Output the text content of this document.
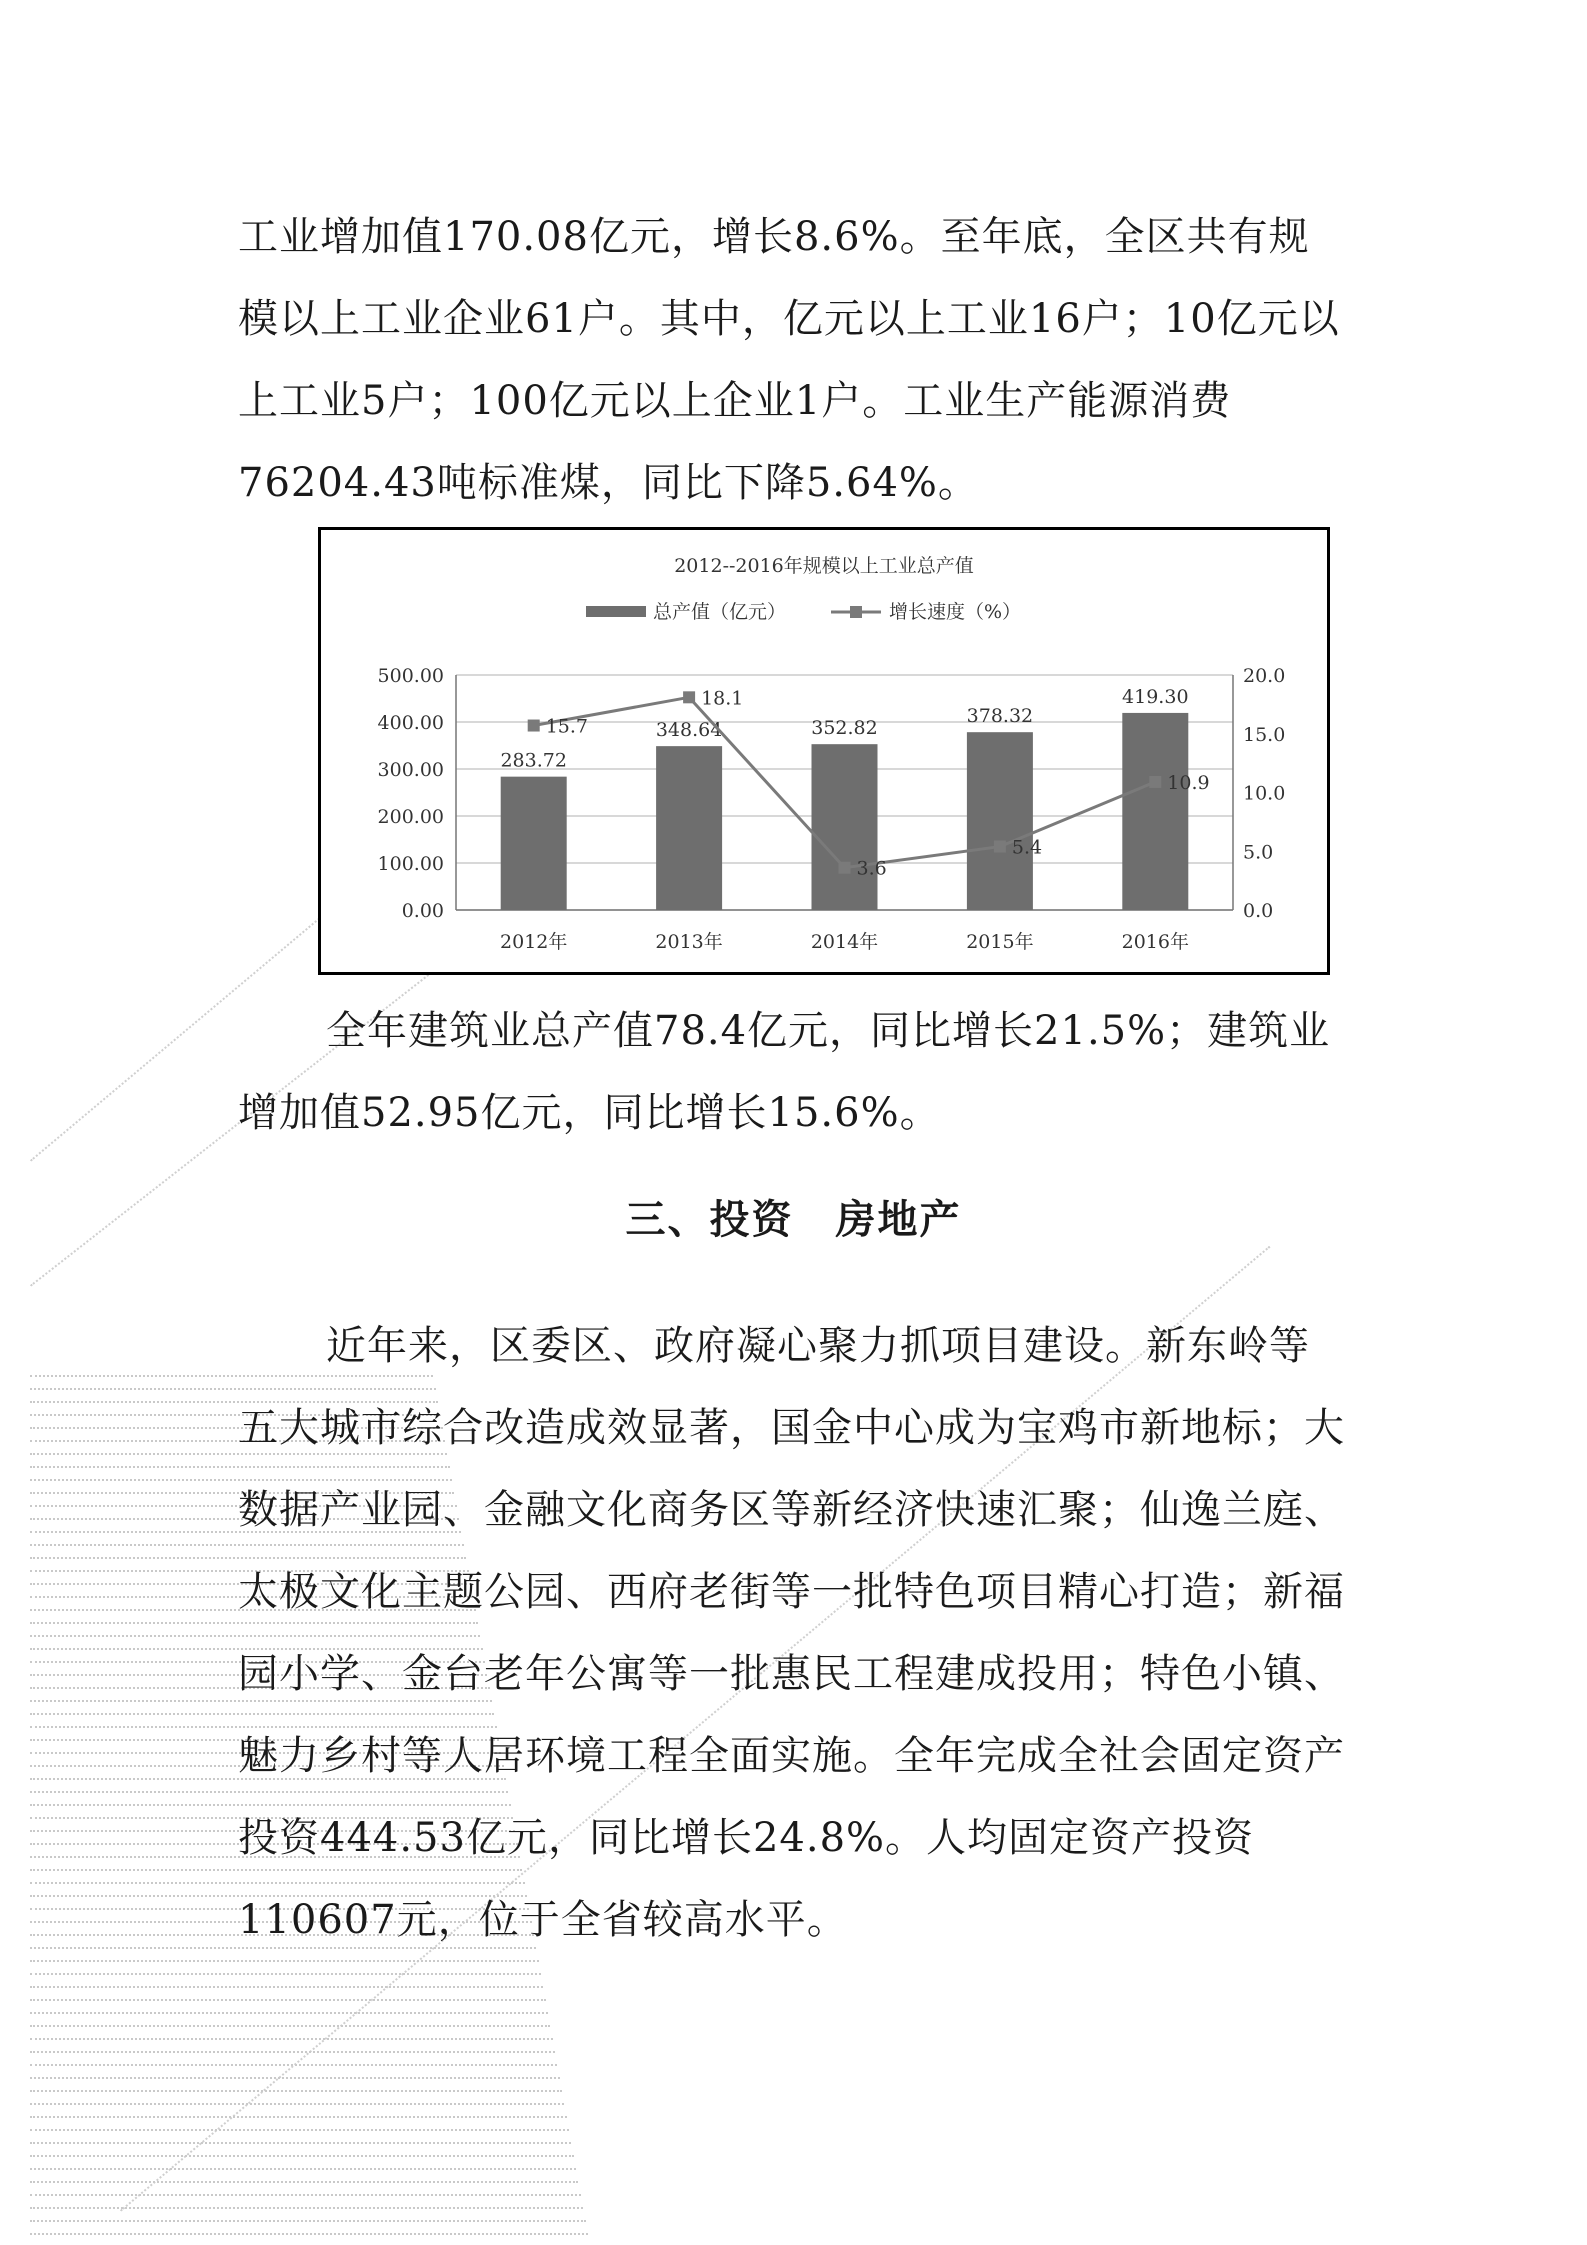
工业增加值170.08亿元，增长8.6%。至年底，全区共有规模以上工业企业61户。其中，亿元以上工业16户；10亿元以上工业5户；100亿元以上企业1户。工业生产能源消费76204.43吨标准煤，同比下降5.64%。

2012--2016年规模以上工业总产值
总产值（亿元）	增长速度（%）
0.00
100.00
200.00
300.00
400.00
500.00
0.0
5.0
10.0
15.0
20.0
283.72
348.64	352.82
378.32
419.30
2012年	2013年	2014年	2015年	2016年
15.7
18.1
3.6
5.4
10.9

全年建筑业总产值78.4亿元，同比增长21.5%；建筑业增加值52.95亿元，同比增长15.6%。

三、投资　房地产

近年来，区委区、政府凝心聚力抓项目建设。新东岭等五大城市综合改造成效显著，国金中心成为宝鸡市新地标；大数据产业园、金融文化商务区等新经济快速汇聚；仙逸兰庭、太极文化主题公园、西府老街等一批特色项目精心打造；新福园小学、金台老年公寓等一批惠民工程建成投用；特色小镇、魅力乡村等人居环境工程全面实施。全年完成全社会固定资产投资444.53亿元，同比增长24.8%。人均固定资产投资110607元，位于全省较高水平。
